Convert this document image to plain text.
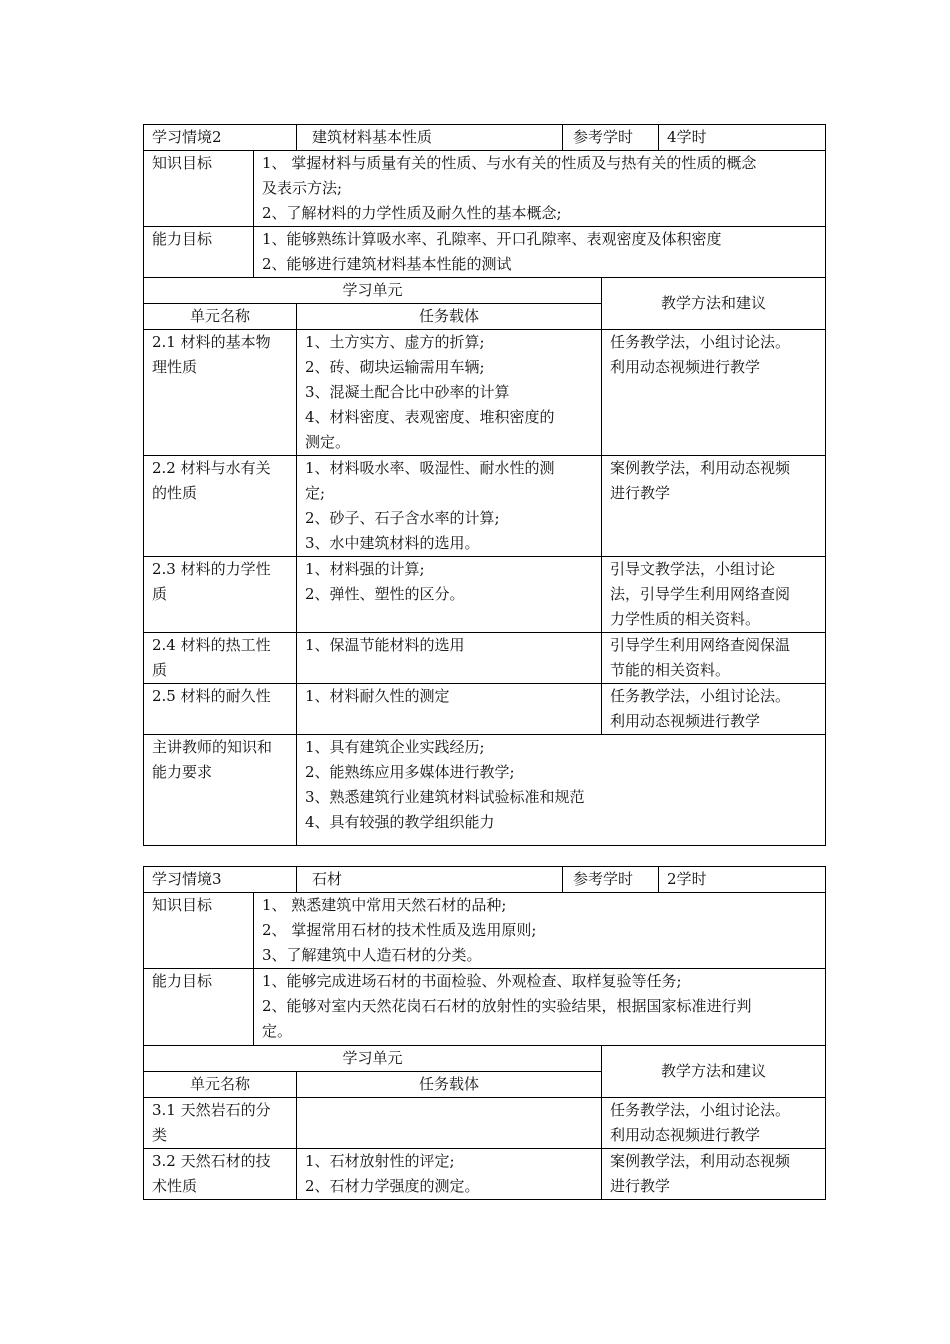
学习情境2		建筑材料基本性质	参考学时		4学时
知识目标	1、 掌握材料与质量有关的性质、与水有关的性质及与热有关的性质的概念
及表示方法;
2、了解材料的力学性质及耐久性的基本概念;				

能力目标	1、能够熟练计算吸水率、孔隙率、开口孔隙率、表观密度及体积密度
2、能够进行建筑材料基本性能的测试				

学习单元				教学方法和建议	
单元名称		任务载体			

2.1 材料的基本物
理性质		1、土方实方、虚方的折算;
2、砖、砌块运输需用车辆;
3、混凝土配合比中砂率的计算
4、材料密度、表观密度、堆积密度的
测定。		任务教学法，小组讨论法。
利用动态视频进行教学	

2.2 材料与水有关
的性质		1、材料吸水率、吸湿性、耐水性的测
定;
2、砂子、石子含水率的计算;
3、水中建筑材料的选用。		案例教学法，利用动态视频
进行教学	

2.3 材料的力学性
质		1、材料强的计算;
2、弹性、塑性的区分。		引导文教学法，小组讨论
法，引导学生利用网络查阅
力学性质的相关资料。	

2.4 材料的热工性
质		1、保温节能材料的选用		引导学生利用网络查阅保温
节能的相关资料。	

2.5 材料的耐久性		1、材料耐久性的测定		任务教学法，小组讨论法。
利用动态视频进行教学	

主讲教师的知识和
能力要求		1、具有建筑企业实践经历;
2、能熟练应用多媒体进行教学;
3、熟悉建筑行业建筑材料试验标准和规范
4、具有较强的教学组织能力			
学习情境3		石材	参考学时		2学时
知识目标	1、 熟悉建筑中常用天然石材的品种;
2、 掌握常用石材的技术性质及选用原则;
3、了解建筑中人造石材的分类。				

能力目标	1、能够完成进场石材的书面检验、外观检查、取样复验等任务;
2、能够对室内天然花岗石石材的放射性的实验结果，根据国家标准进行判
定。				

学习单元				教学方法和建议	
单元名称		任务载体			

3.1 天然岩石的分
类				任务教学法，小组讨论法。
利用动态视频进行教学	

3.2 天然石材的技
术性质		1、石材放射性的评定;
2、石材力学强度的测定。		案例教学法，利用动态视频
进行教学	
